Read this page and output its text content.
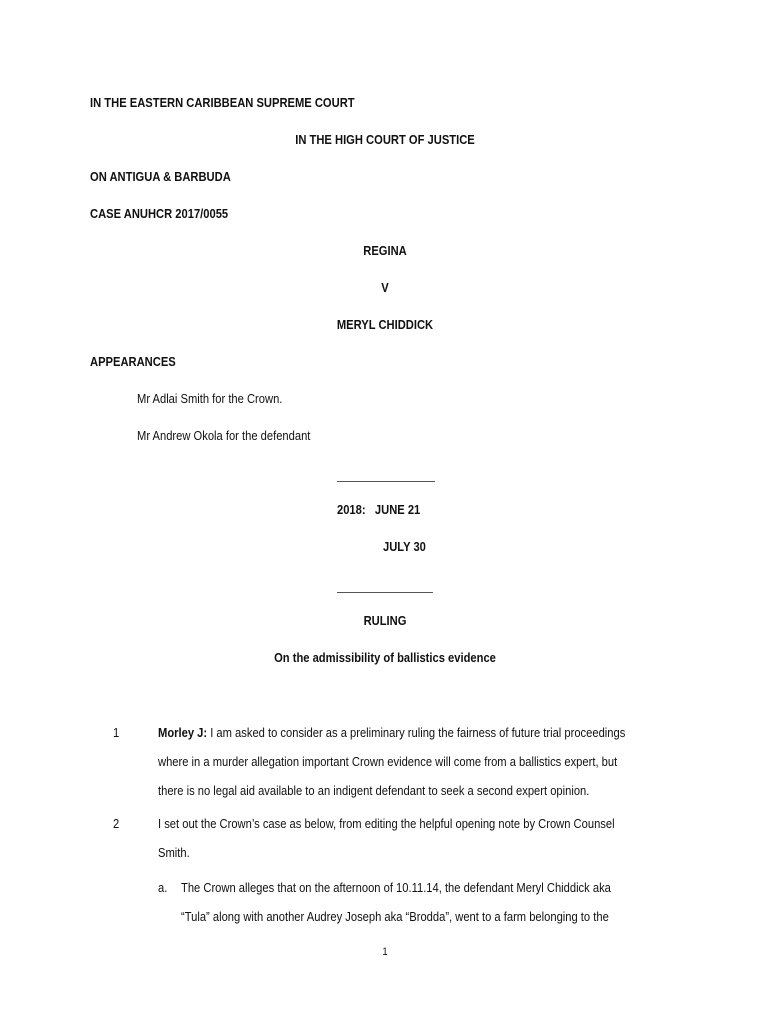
IN THE EASTERN CARIBBEAN SUPREME COURT
IN THE HIGH COURT OF JUSTICE
ON ANTIGUA & BARBUDA
CASE ANUHCR 2017/0055
REGINA
V
MERYL CHIDDICK
APPEARANCES
Mr Adlai Smith for the Crown.
Mr Andrew Okola for the defendant
2018:   JUNE 21
JULY 30
RULING
On the admissibility of ballistics evidence
1	Morley J: I am asked to consider as a preliminary ruling the fairness of future trial proceedings
where in a murder allegation important Crown evidence will come from a ballistics expert, but
there is no legal aid available to an indigent defendant to seek a second expert opinion.
2	I set out the Crown’s case as below, from editing the helpful opening note by Crown Counsel
Smith.
a. The Crown alleges that on the afternoon of 10.11.14, the defendant Meryl Chiddick aka
“Tula” along with another Audrey Joseph aka “Brodda”, went to a farm belonging to the
1
